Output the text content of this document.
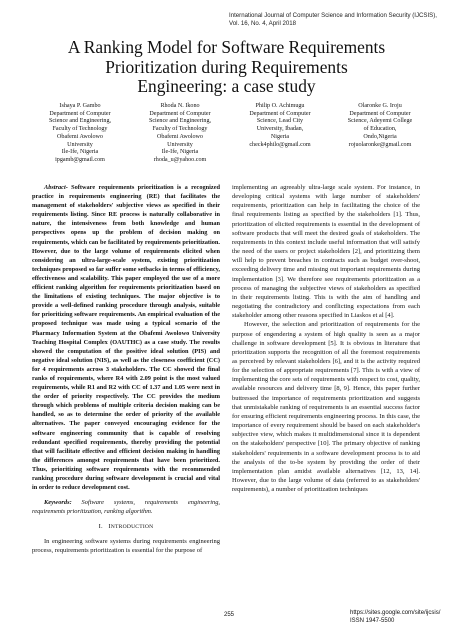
International Journal of Computer Science and Information Security (IJCSIS),
Vol. 16, No. 4, April 2018
A Ranking Model for Software Requirements
Prioritization during Requirements
Engineering: a case study
Ishaya P. Gambo
Department of Computer
Science and Engineering,
Faculty of Technology
Obafemi Awolowo
University
Ile-Ife, Nigeria
ipgamb@gmail.com
Rhoda N. Ikono
Department of Computer
Science and Engineering,
Faculty of Technology
Obafemi Awolowo
University
Ile-Ife, Nigeria
rhoda_u@yahoo.com
Philip O. Achimugu
Department of Computer
Science, Lead City
University, Ibadan,
Nigeria
check4philo@gmail.com
Olaronke G. Iroju
Department of Computer
Science, Adeyemi College
of Education,
Ondo,Nigeria
rojuolaronke@gmail.com

Abstract- Software requirements prioritization is a recognized practice in requirements engineering (RE) that facilitates the management of stakeholders' subjective views as specified in their requirements listing. Since RE process is naturally collaborative in nature, the intensiveness from both knowledge and human perspectives opens up the problem of decision making on requirements, which can be facilitated by requirements prioritization. However, due to the large volume of requirements elicited when considering an ultra-large-scale system, existing prioritization techniques proposed so far suffer some setbacks in terms of efficiency, effectiveness and scalability. This paper employed the use of a more efficient ranking algorithm for requirements prioritization based on the limitations of existing techniques. The major objective is to provide a well-defined ranking procedure through analysis, suitable for prioritizing software requirements. An empirical evaluation of the proposed technique was made using a typical scenario of the Pharmacy Information System at the Obafemi Awolowo University Teaching Hospital Complex (OAUTHC) as a case study. The results showed the computation of the positive ideal solution (PIS) and negative ideal solution (NIS), as well as the closeness coefficient (CC) for 4 requirements across 3 stakeholders. The CC showed the final ranks of requirements, where R4 with 2.09 point is the most valued requirements, while R1 and R2 with CC of 1.37 and 1.05 were next in the order of priority respectively. The CC provides the medium through which problems of multiple criteria decision making can be handled, so as to determine the order of priority of the available alternatives. The paper conveyed encouraging evidence for the software engineering community that is capable of resolving redundant specified requirements, thereby providing the potential that will facilitate effective and efficient decision making in handling the differences amongst requirements that have been prioritized. Thus, prioritizing software requirements with the recommended ranking procedure during software development is crucial and vital in order to reduce development cost.

Keywords: Software systems, requirements engineering, requirements prioritization, ranking algorithm.

I. INTRODUCTION

In engineering software systems during requirements engineering process, requirements prioritization is essential for the purpose of

implementing an agreeably ultra-large scale system. For instance, in developing critical systems with large number of stakeholders' requirements, prioritization can help in facilitating the choice of the final requirements listing as specified by the stakeholders [1]. Thus, prioritization of elicited requirements is essential in the development of software products that will meet the desired goals of stakeholders. The requirements in this context include useful information that will satisfy the need of the users or project stakeholders [2], and prioritizing them will help to prevent breaches in contracts such as budget over-shoot, exceeding delivery time and missing out important requirements during implementation [3]. We therefore see requirements prioritization as a process of managing the subjective views of stakeholders as specified in their requirements listing. This is with the aim of handling and negotiating the contradictory and conflicting expectations from each stakeholder among other reasons specified in Liaskos et al [4].

However, the selection and prioritization of requirements for the purpose of engendering a system of high quality is seen as a major challenge in software development [5]. It is obvious in literature that prioritization supports the recognition of all the foremost requirements as perceived by relevant stakeholders [6], and it is the activity required for the selection of appropriate requirements [7]. This is with a view of implementing the core sets of requirements with respect to cost, quality, available resources and delivery time [8, 9]. Hence, this paper further buttressed the importance of requirements prioritization and suggests that unmistakable ranking of requirements is an essential success factor for ensuring efficient requirements engineering process. In this case, the importance of every requirement should be based on each stakeholder's subjective view, which makes it multidimensional since it is dependent on the stakeholders' perspective [10]. The primary objective of ranking stakeholders' requirements in a software development process is to aid the analysis of the to-be system by providing the order of their implementation plan amidst available alternatives [12, 13, 14]. However, due to the large volume of data (referred to as stakeholders' requirements), a number of prioritization techniques

255	https://sites.google.com/site/ijcsis/
ISSN 1947-5500
